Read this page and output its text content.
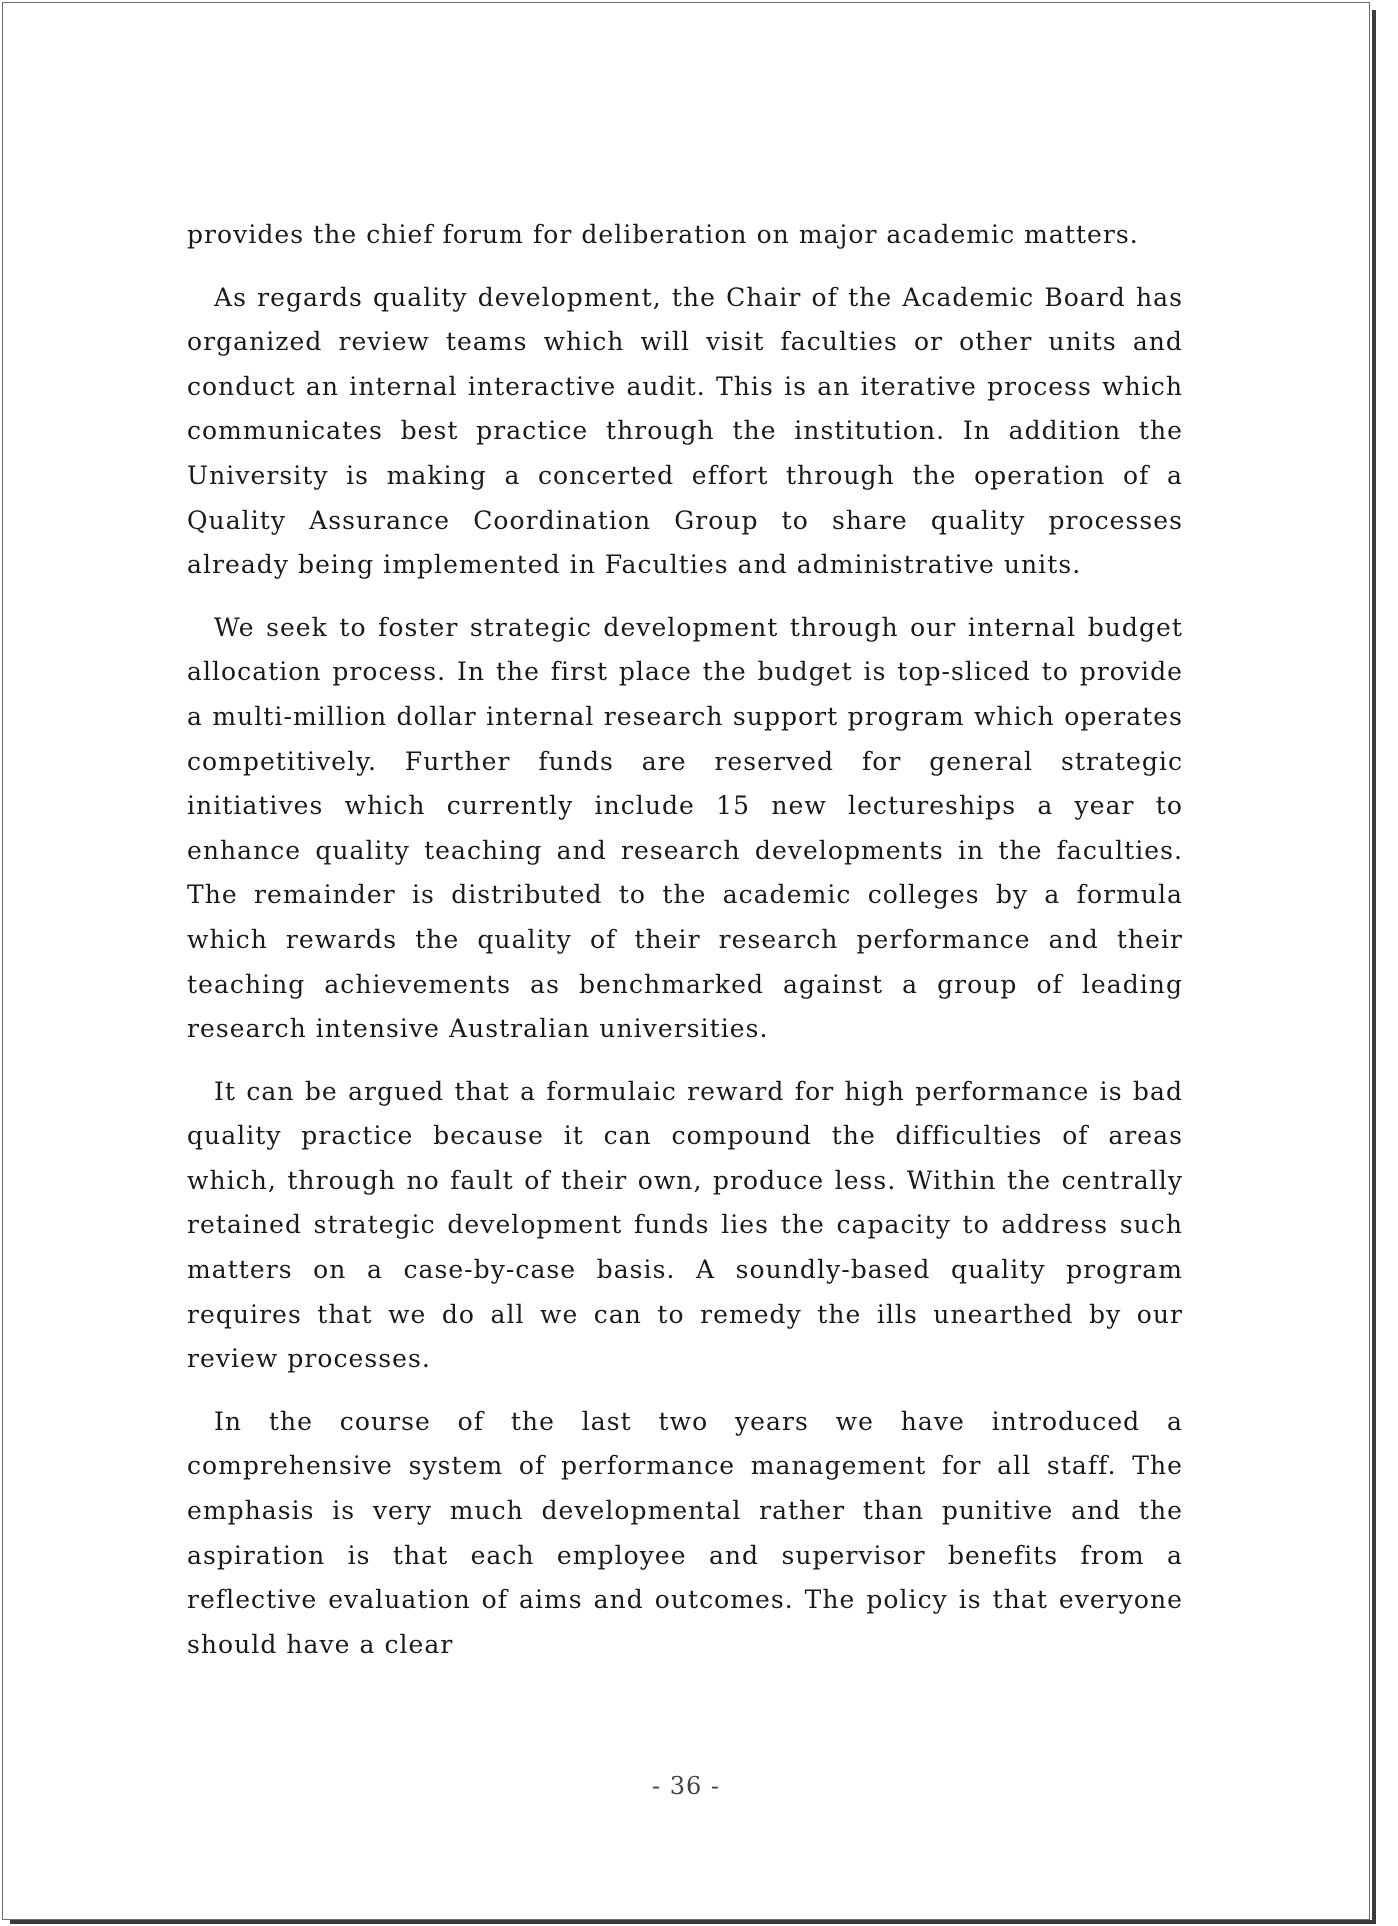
provides the chief forum for deliberation on major academic matters.

As regards quality development, the Chair of the Academic Board has organized review teams which will visit faculties or other units and conduct an internal interactive audit. This is an iterative process which communicates best practice through the institution. In addition the University is making a concerted effort through the operation of a Quality Assurance Coordination Group to share quality processes already being implemented in Faculties and administrative units.

We seek to foster strategic development through our internal budget allocation process. In the first place the budget is top-sliced to provide a multi-million dollar internal research support program which operates competitively. Further funds are reserved for general strategic initiatives which currently include 15 new lectureships a year to enhance quality teaching and research developments in the faculties. The remainder is distributed to the academic colleges by a formula which rewards the quality of their research performance and their teaching achievements as benchmarked against a group of leading research intensive Australian universities.

It can be argued that a formulaic reward for high performance is bad quality practice because it can compound the difficulties of areas which, through no fault of their own, produce less. Within the centrally retained strategic development funds lies the capacity to address such matters on a case-by-case basis. A soundly-based quality program requires that we do all we can to remedy the ills unearthed by our review processes.

In the course of the last two years we have introduced a comprehensive system of performance management for all staff. The emphasis is very much developmental rather than punitive and the aspiration is that each employee and supervisor benefits from a reflective evaluation of aims and outcomes. The policy is that everyone should have a clear

- 36 -
